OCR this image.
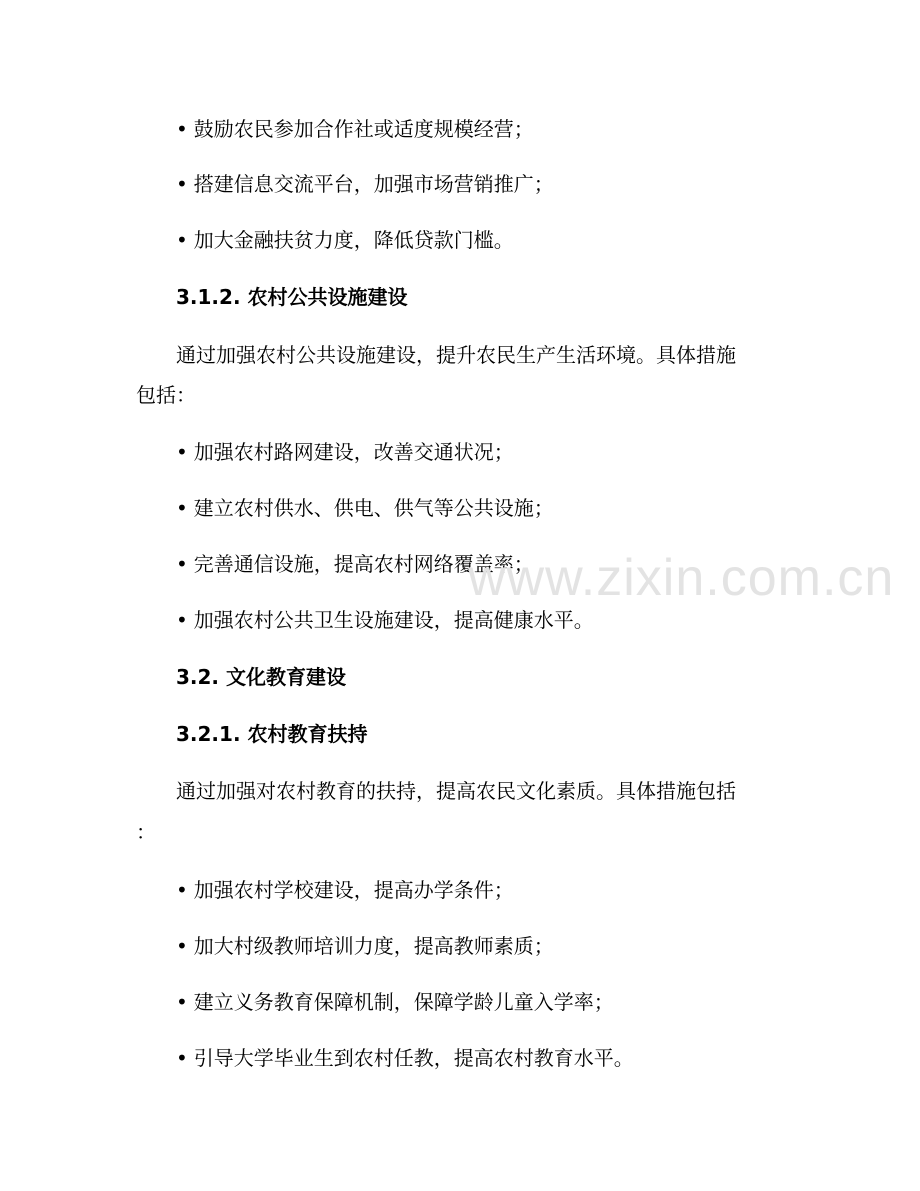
• 鼓励农民参加合作社或适度规模经营；
• 搭建信息交流平台，加强市场营销推广；
• 加大金融扶贫力度，降低贷款门槛。
3.1.2. 农村公共设施建设
通过加强农村公共设施建设，提升农民生产生活环境。具体措施
包括：
• 加强农村路网建设，改善交通状况；
• 建立农村供水、供电、供气等公共设施；
• 完善通信设施，提高农村网络覆盖率；
• 加强农村公共卫生设施建设，提高健康水平。
3.2. 文化教育建设
3.2.1. 农村教育扶持
通过加强对农村教育的扶持，提高农民文化素质。具体措施包括
：
• 加强农村学校建设，提高办学条件；
• 加大村级教师培训力度，提高教师素质；
• 建立义务教育保障机制，保障学龄儿童入学率；
• 引导大学毕业生到农村任教，提高农村教育水平。
www.zixin.com.cn
